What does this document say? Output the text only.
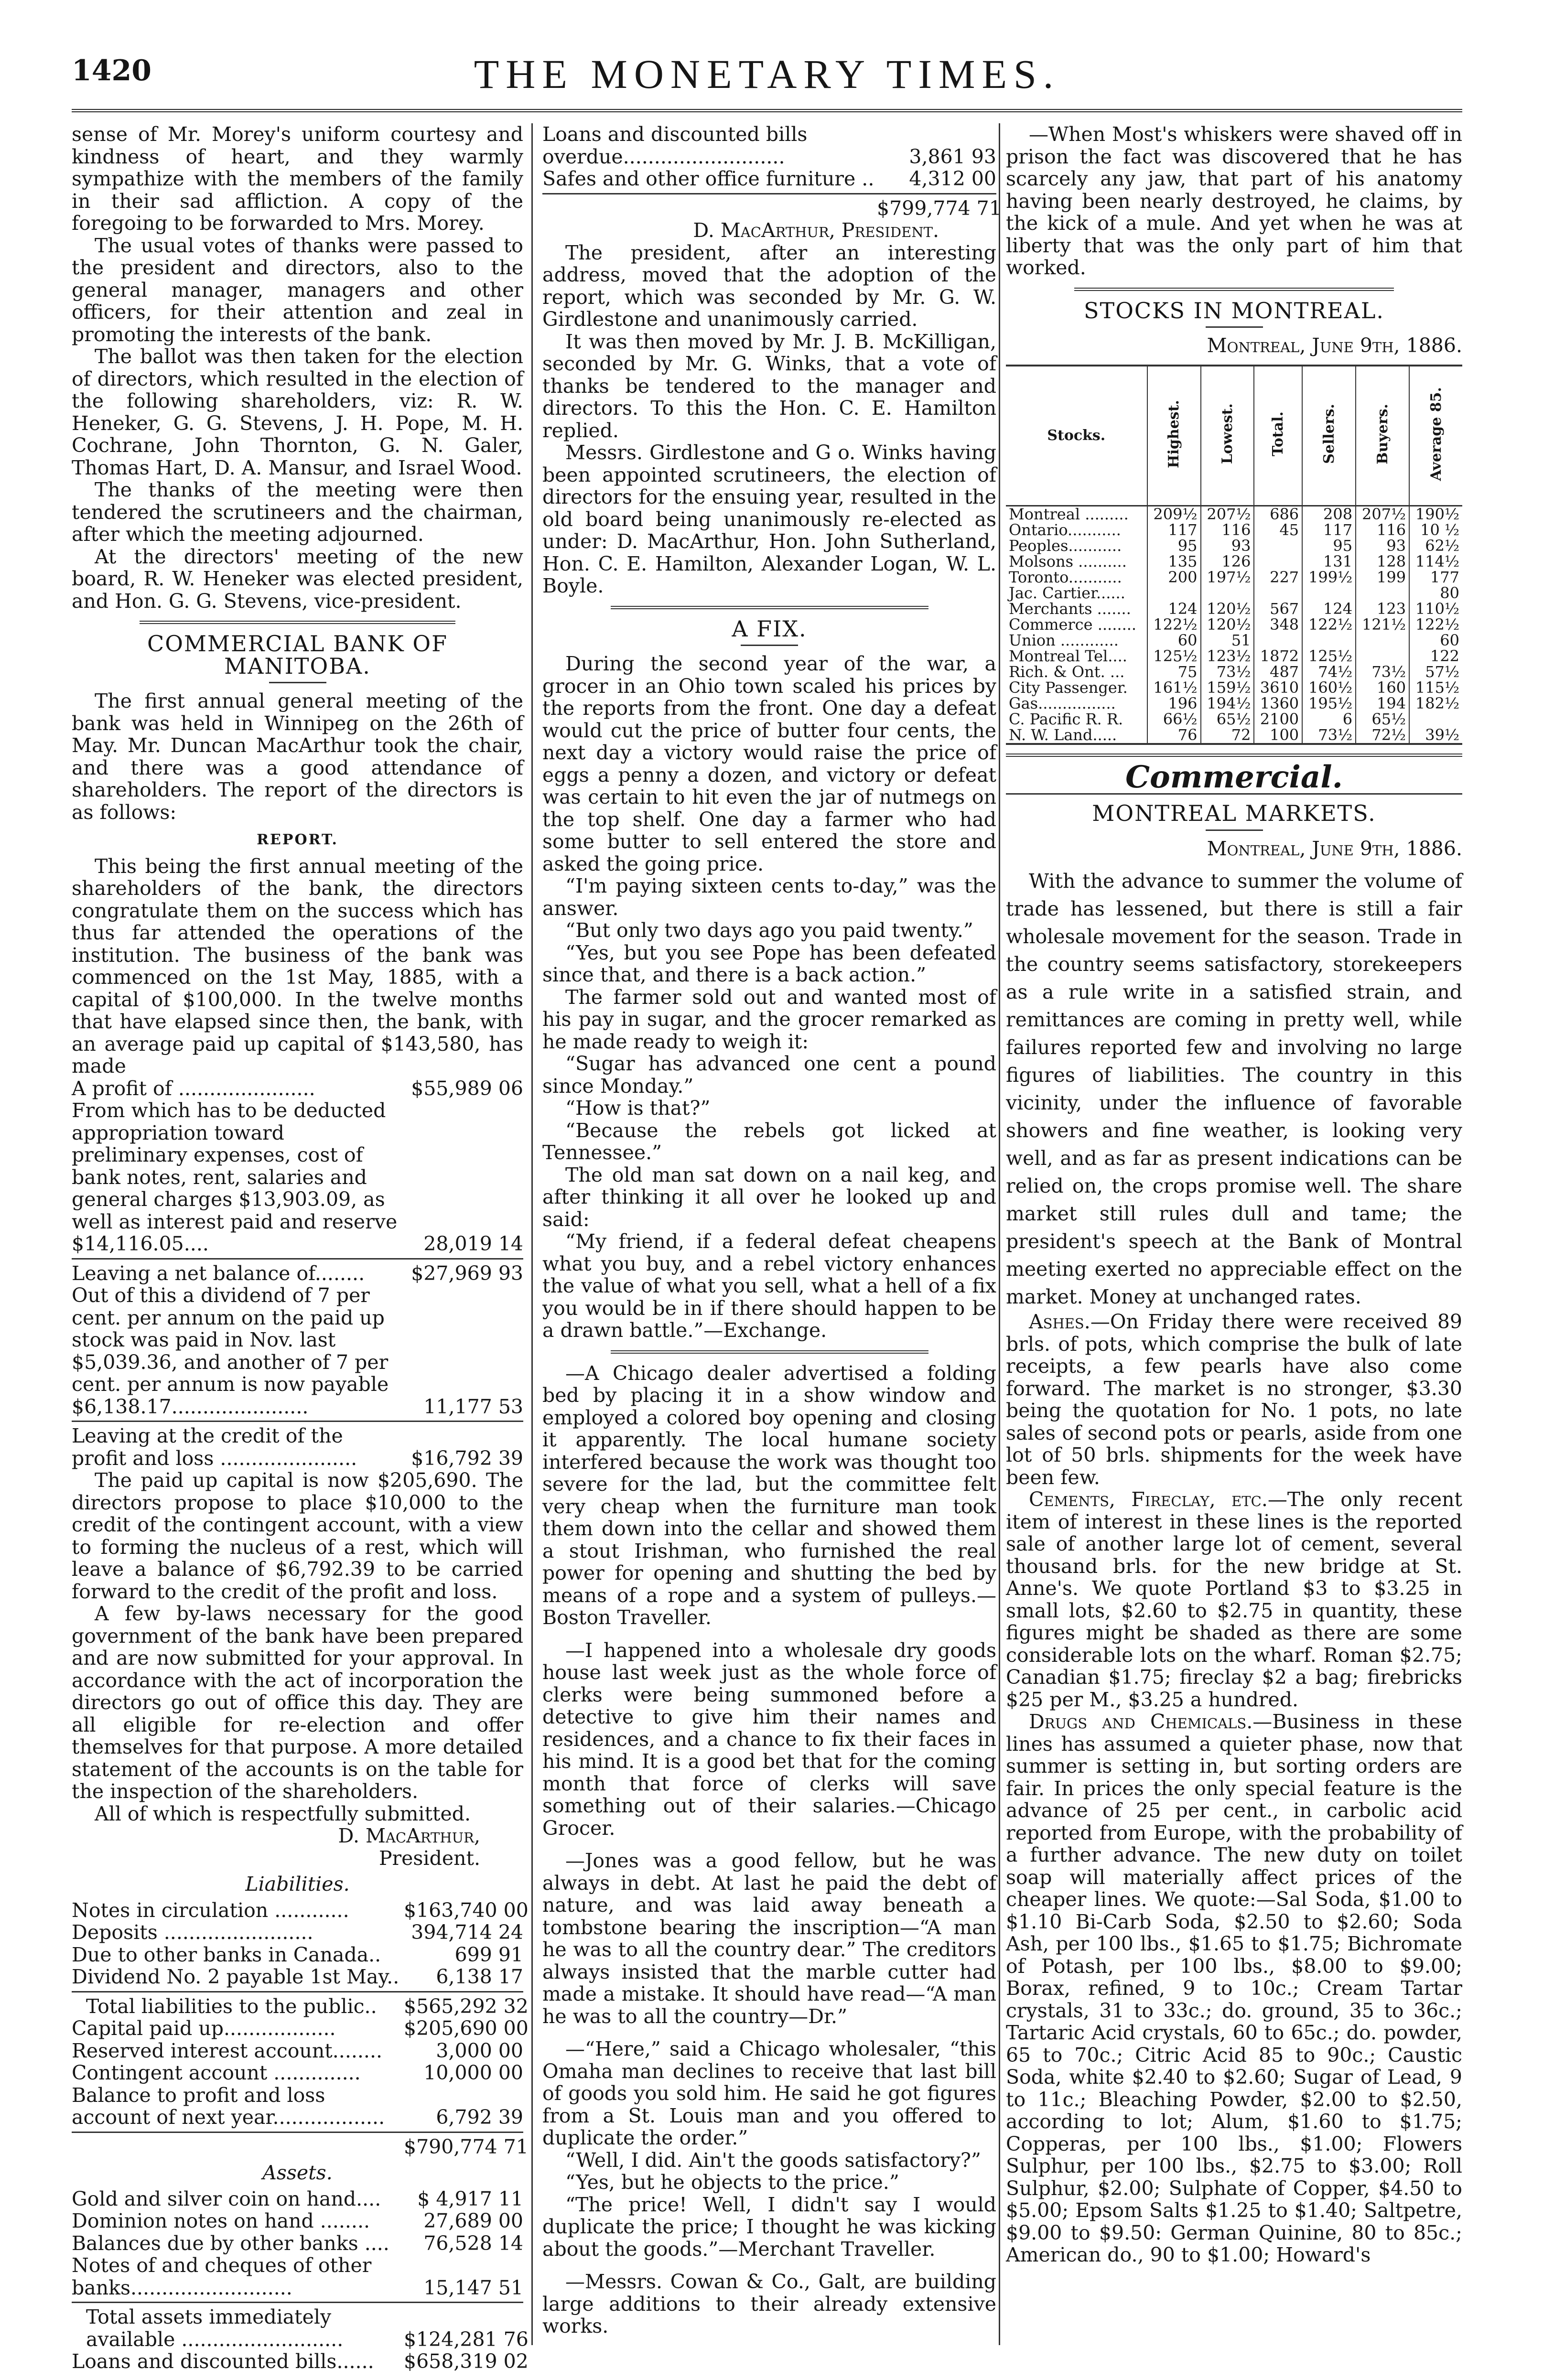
1420	THE MONETARY TIMES.

sense of Mr. Morey's uniform courtesy and kindness of heart, and they warmly sympathize with the members of the family in their sad affliction. A copy of the foregoing to be forwarded to Mrs. Morey.

The usual votes of thanks were passed to the president and directors, also to the general manager, managers and other officers, for their attention and zeal in promoting the interests of the bank.

The ballot was then taken for the election of directors, which resulted in the election of the following shareholders, viz: R. W. Heneker, G. G. Stevens, J. H. Pope, M. H. Cochrane, John Thornton, G. N. Galer, Thomas Hart, D. A. Mansur, and Israel Wood.

The thanks of the meeting were then tendered the scrutineers and the chairman, after which the meeting adjourned.

At the directors' meeting of the new board, R. W. Heneker was elected president, and Hon. G. G. Stevens, vice-president.

COMMERCIAL BANK OF MANITOBA.

The first annual general meeting of the bank was held in Winnipeg on the 26th of May. Mr. Duncan MacArthur took the chair, and there was a good attendance of shareholders. The report of the directors is as follows:

REPORT.

This being the first annual meeting of the shareholders of the bank, the directors congratulate them on the success which has thus far attended the operations of the institution. The business of the bank was commenced on the 1st May, 1885, with a capital of $100,000. In the twelve months that have elapsed since then, the bank, with an average paid up capital of $143,580, has made

A profit of ......................	$55,989 06
From which has to be deducted appropriation toward preliminary expenses, cost of bank notes, rent, salaries and general charges $13,903.09, as well as interest paid and reserve $14,116.05....	28,019 14
Leaving a net balance of........	$27,969 93
Out of this a dividend of 7 per cent. per annum on the paid up stock was paid in Nov. last $5,039.36, and another of 7 per cent. per annum is now payable $6,138.17......................	11,177 53
Leaving at the credit of the profit and loss ......................	$16,792 39

The paid up capital is now $205,690. The directors propose to place $10,000 to the credit of the contingent account, with a view to forming the nucleus of a rest, which will leave a balance of $6,792.39 to be carried forward to the credit of the profit and loss.

A few by-laws necessary for the good government of the bank have been prepared and are now submitted for your approval. In accordance with the act of incorporation the directors go out of office this day. They are all eligible for re-election and offer themselves for that purpose. A more detailed statement of the accounts is on the table for the inspection of the shareholders.

All of which is respectfully submitted.

D. MacArthur,
President.
Liabilities.
Notes in circulation ............	$163,740 00
Deposits ........................	394,714 24
Due to other banks in Canada..	699 91
Dividend No. 2 payable 1st May..	6,138 17
Total liabilities to the public..	$565,292 32
Capital paid up..................	$205,690 00
Reserved interest account........	3,000 00
Contingent account ..............	10,000 00
Balance to profit and loss account of next year..................	6,792 39
$790,774 71
Assets.
Gold and silver coin on hand....	$ 4,917 11
Dominion notes on hand ........	27,689 00
Balances due by other banks ....	76,528 14
Notes of and cheques of other banks..........................	15,147 51
Total assets immediately available ..........................	$124,281 76
Loans and discounted bills......	$658,319 02
Loans and discounted bills overdue..........................	3,861 93
Safes and other office furniture ..	4,312 00
$799,774 71
D. MacArthur, President.

The president, after an interesting address, moved that the adoption of the report, which was seconded by Mr. G. W. Girdlestone and unanimously carried.

It was then moved by Mr. J. B. McKilligan, seconded by Mr. G. Winks, that a vote of thanks be tendered to the manager and directors. To this the Hon. C. E. Hamilton replied.

Messrs. Girdlestone and G o. Winks having been appointed scrutineers, the election of directors for the ensuing year, resulted in the old board being unanimously re-elected as under: D. MacArthur, Hon. John Sutherland, Hon. C. E. Hamilton, Alexander Logan, W. L. Boyle.

A FIX.

During the second year of the war, a grocer in an Ohio town scaled his prices by the reports from the front. One day a defeat would cut the price of butter four cents, the next day a victory would raise the price of eggs a penny a dozen, and victory or defeat was certain to hit even the jar of nutmegs on the top shelf. One day a farmer who had some butter to sell entered the store and asked the going price.

“I'm paying sixteen cents to-day,” was the answer.

“But only two days ago you paid twenty.”

“Yes, but you see Pope has been defeated since that, and there is a back action.”

The farmer sold out and wanted most of his pay in sugar, and the grocer remarked as he made ready to weigh it:

“Sugar has advanced one cent a pound since Monday.”

“How is that?”

“Because the rebels got licked at Tennessee.”

The old man sat down on a nail keg, and after thinking it all over he looked up and said:

“My friend, if a federal defeat cheapens what you buy, and a rebel victory enhances the value of what you sell, what a hell of a fix you would be in if there should happen to be a drawn battle.”—Exchange.

—A Chicago dealer advertised a folding bed by placing it in a show window and employed a colored boy opening and closing it apparently. The local humane society interfered because the work was thought too severe for the lad, but the committee felt very cheap when the furniture man took them down into the cellar and showed them a stout Irishman, who furnished the real power for opening and shutting the bed by means of a rope and a system of pulleys.—Boston Traveller.

—I happened into a wholesale dry goods house last week just as the whole force of clerks were being summoned before a detective to give him their names and residences, and a chance to fix their faces in his mind. It is a good bet that for the coming month that force of clerks will save something out of their salaries.—Chicago Grocer.

—Jones was a good fellow, but he was always in debt. At last he paid the debt of nature, and was laid away beneath a tombstone bearing the inscription—“A man he was to all the country dear.” The creditors always insisted that the marble cutter had made a mistake. It should have read—“A man he was to all the country—Dr.”

—“Here,” said a Chicago wholesaler, “this Omaha man declines to receive that last bill of goods you sold him. He said he got figures from a St. Louis man and you offered to duplicate the order.”

“Well, I did. Ain't the goods satisfactory?”

“Yes, but he objects to the price.”

“The price! Well, I didn't say I would duplicate the price; I thought he was kicking about the goods.”—Merchant Traveller.

—Messrs. Cowan & Co., Galt, are building large additions to their already extensive works.

—When Most's whiskers were shaved off in prison the fact was discovered that he has scarcely any jaw, that part of his anatomy having been nearly destroyed, he claims, by the kick of a mule. And yet when he was at liberty that was the only part of him that worked.

STOCKS IN MONTREAL.
Montreal, June 9th, 1886.
Stocks.	Highest.	Lowest.	Total.	Sellers.	Buyers.	Average 85.
Montreal .........	209½	207½	686	208	207½	190½
Ontario...........	117	116	45	117	116	10 ½
Peoples...........	95	93		95	93	62½
Molsons ..........	135	126		131	128	114½
Toronto...........	200	197½	227	199½	199	177
Jac. Cartier......						80
Merchants .......	124	120½	567	124	123	110½
Commerce ........	122½	120½	348	122½	121½	122½
Union ............	60	51				60
Montreal Tel....	125½	123½	1872	125½		122
Rich. & Ont. ...	75	73½	487	74½	73½	57½
City Passenger.	161½	159½	3610	160½	160	115½
Gas................	196	194½	1360	195½	194	182½
C. Pacific R. R.	66½	65½	2100	6	65½	
N. W. Land.....	76	72	100	73½	72½	39½
Commercial.
MONTREAL MARKETS.
Montreal, June 9th, 1886.

With the advance to summer the volume of trade has lessened, but there is still a fair wholesale movement for the season. Trade in the country seems satisfactory, storekeepers as a rule write in a satisfied strain, and remittances are coming in pretty well, while failures reported few and involving no large figures of liabilities. The country in this vicinity, under the influence of favorable showers and fine weather, is looking very well, and as far as present indications can be relied on, the crops promise well. The share market still rules dull and tame; the president's speech at the Bank of Montral meeting exerted no appreciable effect on the market. Money at unchanged rates.

Ashes.—On Friday there were received 89 brls. of pots, which comprise the bulk of late receipts, a few pearls have also come forward. The market is no stronger, $3.30 being the quotation for No. 1 pots, no late sales of second pots or pearls, aside from one lot of 50 brls. shipments for the week have been few.

Cements, Fireclay, etc.—The only recent item of interest in these lines is the reported sale of another large lot of cement, several thousand brls. for the new bridge at St. Anne's. We quote Portland $3 to $3.25 in small lots, $2.60 to $2.75 in quantity, these figures might be shaded as there are some considerable lots on the wharf. Roman $2.75; Canadian $1.75; fireclay $2 a bag; firebricks $25 per M., $3.25 a hundred.

Drugs and Chemicals.—Business in these lines has assumed a quieter phase, now that summer is setting in, but sorting orders are fair. In prices the only special feature is the advance of 25 per cent., in carbolic acid reported from Europe, with the probability of a further advance. The new duty on toilet soap will materially affect prices of the cheaper lines. We quote:—Sal Soda, $1.00 to $1.10 Bi-Carb Soda, $2.50 to $2.60; Soda Ash, per 100 lbs., $1.65 to $1.75; Bichromate of Potash, per 100 lbs., $8.00 to $9.00; Borax, refined, 9 to 10c.; Cream Tartar crystals, 31 to 33c.; do. ground, 35 to 36c.; Tartaric Acid crystals, 60 to 65c.; do. powder, 65 to 70c.; Citric Acid 85 to 90c.; Caustic Soda, white $2.40 to $2.60; Sugar of Lead, 9 to 11c.; Bleaching Powder, $2.00 to $2.50, according to lot; Alum, $1.60 to $1.75; Copperas, per 100 lbs., $1.00; Flowers Sulphur, per 100 lbs., $2.75 to $3.00; Roll Sulphur, $2.00; Sulphate of Copper, $4.50 to $5.00; Epsom Salts $1.25 to $1.40; Saltpetre, $9.00 to $9.50: German Quinine, 80 to 85c.; American do., 90 to $1.00; Howard's
